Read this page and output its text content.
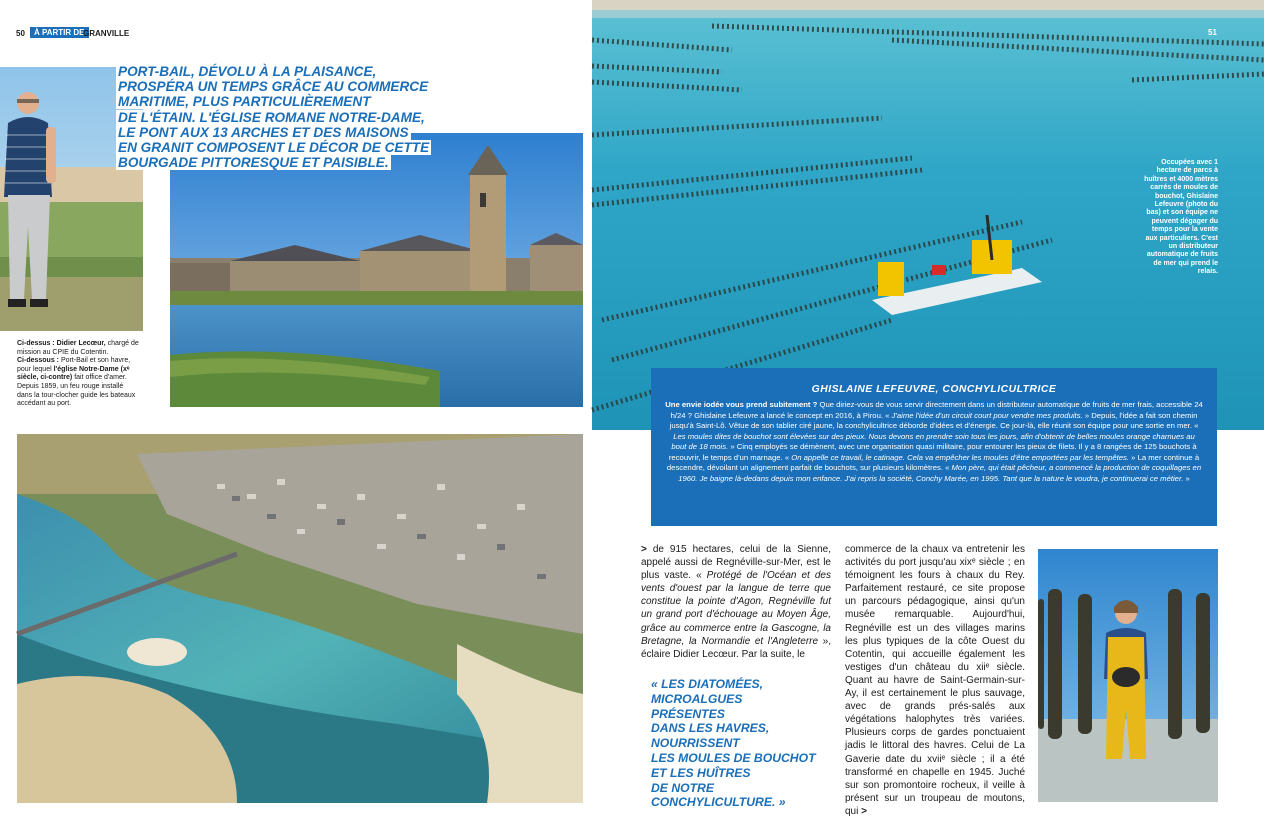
50	À PARTIR DE
GRANVILLE
PORT-BAIL, DÉVOLU À LA PLAISANCE,
PROSPÉRA UN TEMPS GRÂCE AU COMMERCE
MARITIME, PLUS PARTICULIÈREMENT
DE L'ÉTAIN. L'ÉGLISE ROMANE NOTRE-DAME,
LE PONT AUX 13 ARCHES ET DES MAISONS
EN GRANIT COMPOSENT LE DÉCOR DE CETTE
BOURGADE PITTORESQUE ET PAISIBLE.
Ci-dessus : Didier Lecœur, chargé de mission au CPIE du Cotentin.
Ci-dessous : Port-Bail et son havre, pour lequel l'église Notre-Dame (xᵉ siècle, ci-contre) fait office d'amer. Depuis 1859, un feu rouge installé dans la tour-clocher guide les bateaux accédant au port.
51
Occupées avec 1 hectare de parcs à huîtres et 4000 mètres carrés de moules de bouchot, Ghislaine Lefeuvre (photo du bas) et son équipe ne peuvent dégager du temps pour la vente aux particuliers. C'est un distributeur automatique de fruits de mer qui prend le relais.
GHISLAINE LEFEUVRE, CONCHYLICULTRICE
Une envie iodée vous prend subitement ? Que diriez-vous de vous servir directement dans un distributeur automatique de fruits de mer frais, accessible 24 h/24 ? Ghislaine Lefeuvre a lancé le concept en 2016, à Pirou. « J'aime l'idée d'un circuit court pour vendre mes produits. » Depuis, l'idée a fait son chemin jusqu'à Saint-Lô. Vêtue de son tablier ciré jaune, la conchylicultrice déborde d'idées et d'énergie. Ce jour-là, elle réunit son équipe pour une sortie en mer. « Les moules dites de bouchot sont élevées sur des pieux. Nous devons en prendre soin tous les jours, afin d'obtenir de belles moules orange charnues au bout de 18 mois. » Cinq employés se démènent, avec une organisation quasi militaire, pour entourer les pieux de filets. Il y a 8 rangées de 125 bouchots à recouvrir, le temps d'un marnage. « On appelle ce travail, le catinage. Cela va empêcher les moules d'être emportées par les tempêtes. » La mer continue à descendre, dévoilant un alignement parfait de bouchots, sur plusieurs kilomètres. « Mon père, qui était pêcheur, a commencé la production de coquillages en 1960. Je baigne là-dedans depuis mon enfance. J'ai repris la société, Conchy Marée, en 1995. Tant que la nature le voudra, je continuerai ce métier. »
> de 915 hectares, celui de la Sienne, appelé aussi de Regnéville-sur-Mer, est le plus vaste. « Protégé de l'Océan et des vents d'ouest par la langue de terre que constitue la pointe d'Agon, Regnéville fut un grand port d'échouage au Moyen Âge, grâce au commerce entre la Gascogne, la Bretagne, la Normandie et l'Angleterre », éclaire Didier Lecœur. Par la suite, le
commerce de la chaux va entretenir les activités du port jusqu'au xixᵉ siècle ; en témoignent les fours à chaux du Rey. Parfaitement restauré, ce site propose un parcours pédagogique, ainsi qu'un musée remarquable. Aujourd'hui, Regnéville est un des villages marins les plus typiques de la côte Ouest du Cotentin, qui accueille également les vestiges d'un château du xiiᵉ siècle. Quant au havre de Saint-Germain-sur-Ay, il est certainement le plus sauvage, avec de grands prés-salés aux végétations halophytes très variées. Plusieurs corps de gardes ponctuaient jadis le littoral des havres. Celui de La Gaverie date du xviiᵉ siècle ; il a été transformé en chapelle en 1945. Juché sur son promontoire rocheux, il veille à présent sur un troupeau de moutons, qui >
« LES DIATOMÉES,
MICROALGUES
PRÉSENTES
DANS LES HAVRES,
NOURRISSENT
LES MOULES DE BOUCHOT
ET LES HUÎTRES
DE NOTRE
CONCHYLICULTURE. »
